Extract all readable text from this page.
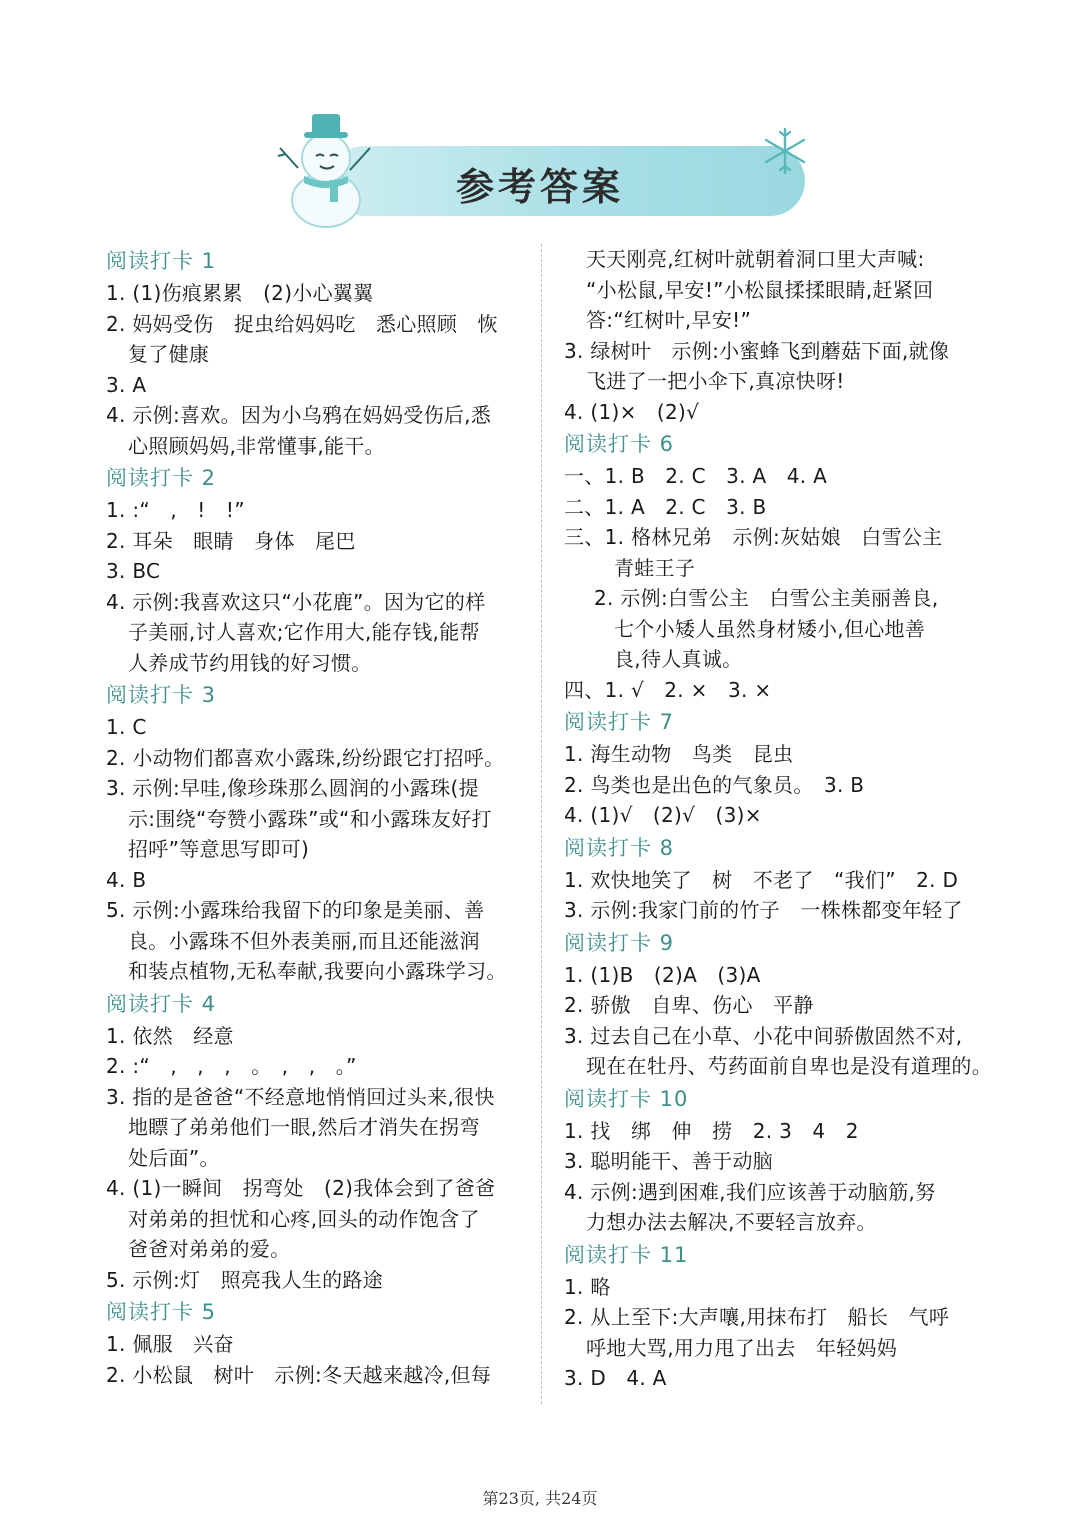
参考答案
阅读打卡 1
1. (1)伤痕累累　(2)小心翼翼
2. 妈妈受伤　捉虫给妈妈吃　悉心照顾　恢
复了健康
3. A
4. 示例:喜欢。因为小乌鸦在妈妈受伤后,悉
心照顾妈妈,非常懂事,能干。
阅读打卡 2
1. :“　,　!　!”
2. 耳朵　眼睛　身体　尾巴
3. BC
4. 示例:我喜欢这只“小花鹿”。因为它的样
子美丽,讨人喜欢;它作用大,能存钱,能帮
人养成节约用钱的好习惯。
阅读打卡 3
1. C
2. 小动物们都喜欢小露珠,纷纷跟它打招呼。
3. 示例:早哇,像珍珠那么圆润的小露珠(提
示:围绕“夸赞小露珠”或“和小露珠友好打
招呼”等意思写即可)
4. B
5. 示例:小露珠给我留下的印象是美丽、善
良。小露珠不但外表美丽,而且还能滋润
和装点植物,无私奉献,我要向小露珠学习。
阅读打卡 4
1. 依然　经意
2. :“　,　,　,　。　,　,　。”
3. 指的是爸爸“不经意地悄悄回过头来,很快
地瞟了弟弟他们一眼,然后才消失在拐弯
处后面”。
4. (1)一瞬间　拐弯处　(2)我体会到了爸爸
对弟弟的担忧和心疼,回头的动作饱含了
爸爸对弟弟的爱。
5. 示例:灯　照亮我人生的路途
阅读打卡 5
1. 佩服　兴奋
2. 小松鼠　树叶　示例:冬天越来越冷,但每
天天刚亮,红树叶就朝着洞口里大声喊:
“小松鼠,早安!”小松鼠揉揉眼睛,赶紧回
答:“红树叶,早安!”
3. 绿树叶　示例:小蜜蜂飞到蘑菇下面,就像
飞进了一把小伞下,真凉快呀!
4. (1)×　(2)√
阅读打卡 6
一、1. B　2. C　3. A　4. A
二、1. A　2. C　3. B
三、1. 格林兄弟　示例:灰姑娘　白雪公主
青蛙王子
2. 示例:白雪公主　白雪公主美丽善良,
七个小矮人虽然身材矮小,但心地善
良,待人真诚。
四、1. √　2. ×　3. ×
阅读打卡 7
1. 海生动物　鸟类　昆虫
2. 鸟类也是出色的气象员。　3. B
4. (1)√　(2)√　(3)×
阅读打卡 8
1. 欢快地笑了　树　不老了　“我们”　2. D
3. 示例:我家门前的竹子　一株株都变年轻了
阅读打卡 9
1. (1)B　(2)A　(3)A
2. 骄傲　自卑、伤心　平静
3. 过去自己在小草、小花中间骄傲固然不对,
现在在牡丹、芍药面前自卑也是没有道理的。
阅读打卡 10
1. 找　绑　伸　捞　2. 3　4　2
3. 聪明能干、善于动脑
4. 示例:遇到困难,我们应该善于动脑筋,努
力想办法去解决,不要轻言放弃。
阅读打卡 11
1. 略
2. 从上至下:大声嚷,用抹布打　船长　气呼
呼地大骂,用力甩了出去　年轻妈妈
3. D　4. A
第23页, 共24页
